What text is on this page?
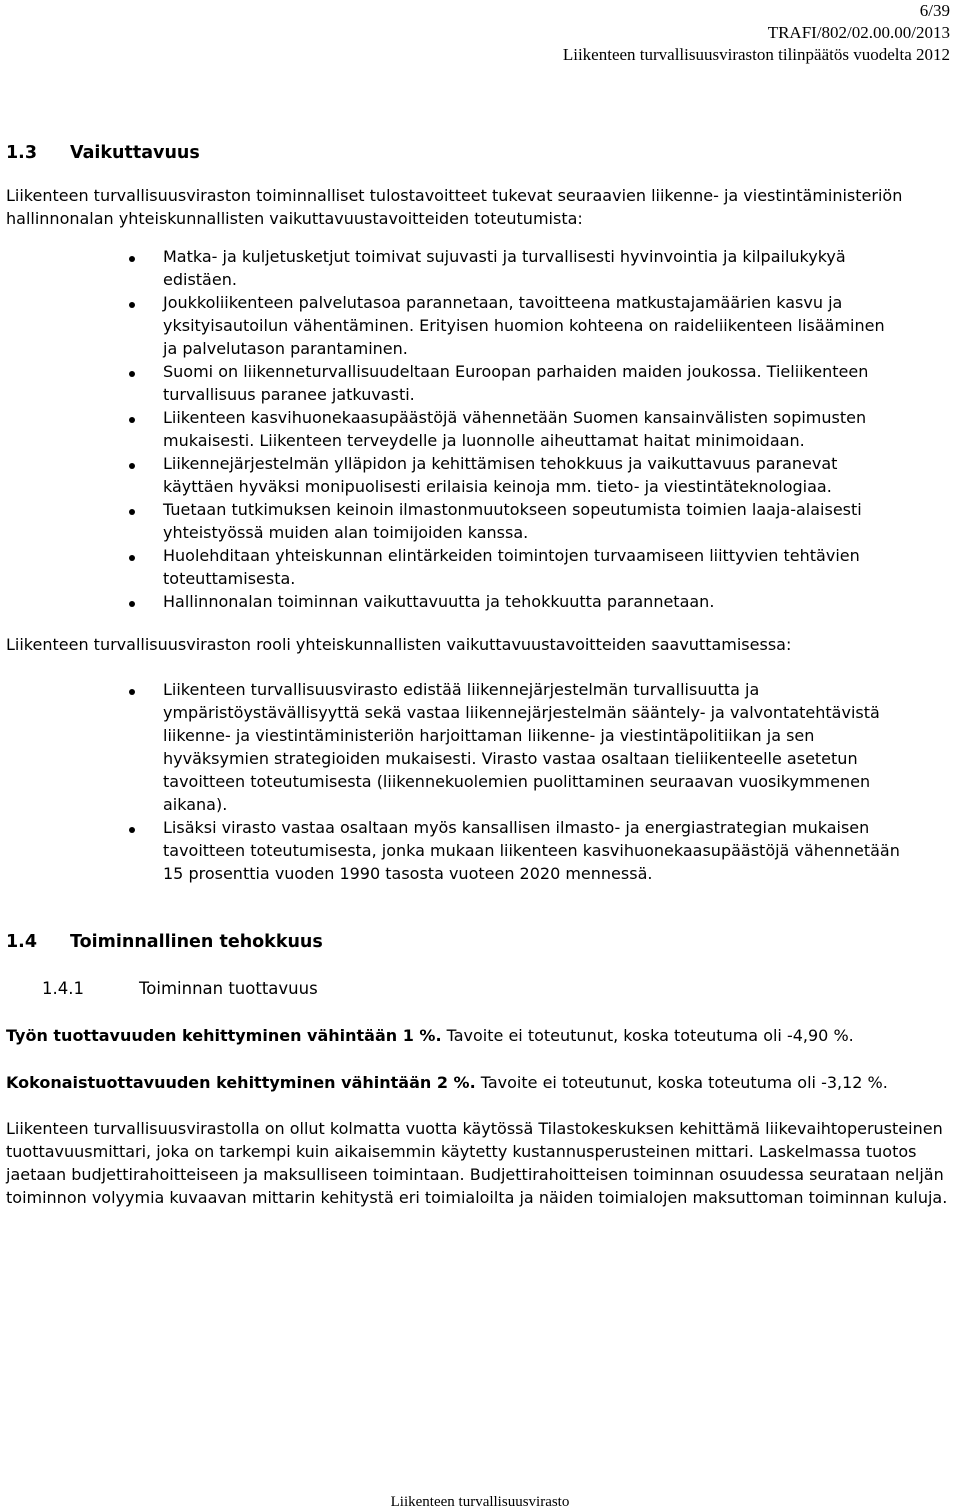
6/39
TRAFI/802/02.00.00/2013
Liikenteen turvallisuusviraston tilinpäätös vuodelta 2012
1.3 Vaikuttavuus

Liikenteen turvallisuusviraston toiminnalliset tulostavoitteet tukevat seuraavien liikenne- ja viestintäministeriön hallinnonalan yhteiskunnallisten vaikuttavuustavoitteiden toteutumista:

Matka- ja kuljetusketjut toimivat sujuvasti ja turvallisesti hyvinvointia ja kilpailukykyä edistäen.
Joukkoliikenteen palvelutasoa parannetaan, tavoitteena matkustajamäärien kasvu ja yksityisautoilun vähentäminen. Erityisen huomion kohteena on raideliikenteen lisääminen ja palvelutason parantaminen.
Suomi on liikenneturvallisuudeltaan Euroopan parhaiden maiden joukossa. Tieliikenteen turvallisuus paranee jatkuvasti.
Liikenteen kasvihuonekaasupäästöjä vähennetään Suomen kansainvälisten sopimusten mukaisesti. Liikenteen terveydelle ja luonnolle aiheuttamat haitat minimoidaan.
Liikennejärjestelmän ylläpidon ja kehittämisen tehokkuus ja vaikuttavuus paranevat käyttäen hyväksi monipuolisesti erilaisia keinoja mm. tieto- ja viestintäteknologiaa.
Tuetaan tutkimuksen keinoin ilmastonmuutokseen sopeutumista toimien laaja-alaisesti yhteistyössä muiden alan toimijoiden kanssa.
Huolehditaan yhteiskunnan elintärkeiden toimintojen turvaamiseen liittyvien tehtävien toteuttamisesta.
Hallinnonalan toiminnan vaikuttavuutta ja tehokkuutta parannetaan.

Liikenteen turvallisuusviraston rooli yhteiskunnallisten vaikuttavuustavoitteiden saavuttamisessa:

Liikenteen turvallisuusvirasto edistää liikennejärjestelmän turvallisuutta ja ympäristöystävällisyyttä sekä vastaa liikennejärjestelmän sääntely- ja valvontatehtävistä liikenne- ja viestintäministeriön harjoittaman liikenne- ja viestintäpolitiikan ja sen hyväksymien strategioiden mukaisesti. Virasto vastaa osaltaan tieliikenteelle asetetun tavoitteen toteutumisesta (liikennekuolemien puolittaminen seuraavan vuosikymmenen aikana).
Lisäksi virasto vastaa osaltaan myös kansallisen ilmasto- ja energiastrategian mukaisen tavoitteen toteutumisesta, jonka mukaan liikenteen kasvihuonekaasupäästöjä vähennetään 15 prosenttia vuoden 1990 tasosta vuoteen 2020 mennessä.
1.4 Toiminnallinen tehokkuus
1.4.1	Toiminnan tuottavuus

Työn tuottavuuden kehittyminen vähintään 1 %. Tavoite ei toteutunut, koska toteutuma oli -4,90 %.

Kokonaistuottavuuden kehittyminen vähintään 2 %. Tavoite ei toteutunut, koska toteutuma oli -3,12 %.

Liikenteen turvallisuusvirastolla on ollut kolmatta vuotta käytössä Tilastokeskuksen kehittämä liikevaihtoperusteinen tuottavuusmittari, joka on tarkempi kuin aikaisemmin käytetty kustannusperusteinen mittari. Laskelmassa tuotos jaetaan budjettirahoitteiseen ja maksulliseen toimintaan. Budjettirahoitteisen toiminnan osuudessa seurataan neljän toiminnon volyymia kuvaavan mittarin kehitystä eri toimialoilta ja näiden toimialojen maksuttoman toiminnan kuluja.

Liikenteen turvallisuusvirasto
